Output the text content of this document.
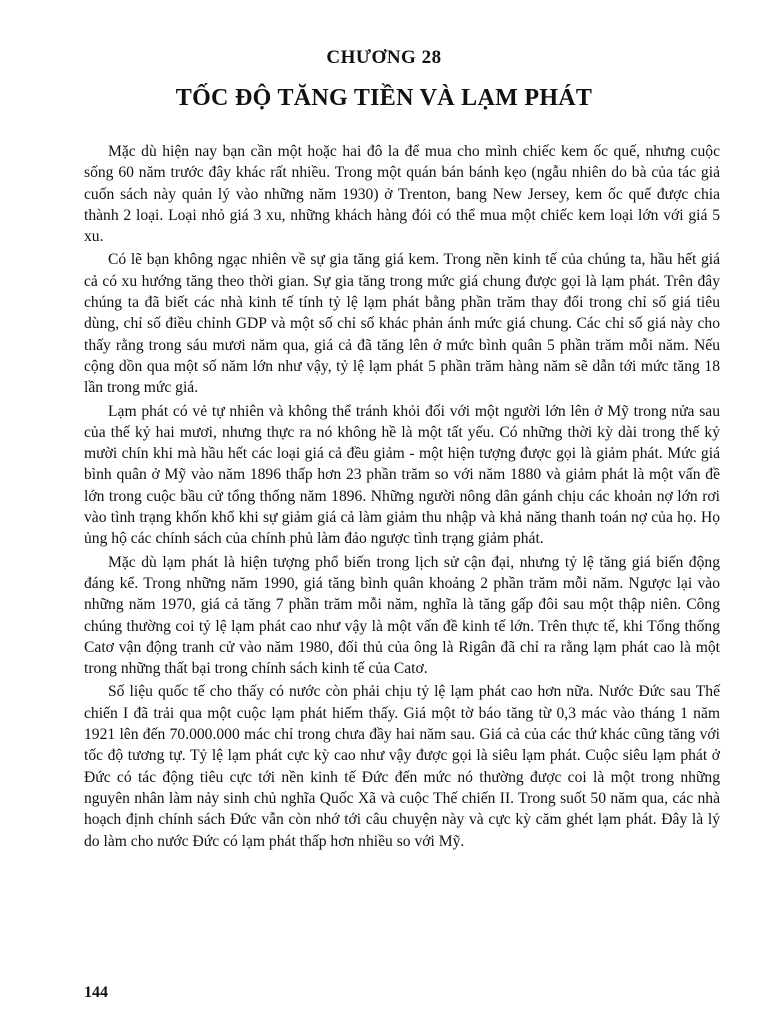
CHƯƠNG 28
TỐC ĐỘ TĂNG TIỀN VÀ LẠM PHÁT

Mặc dù hiện nay bạn cần một hoặc hai đô la để mua cho mình chiếc kem ốc quế, nhưng cuộc sống 60 năm trước đây khác rất nhiều. Trong một quán bán bánh kẹo (ngẫu nhiên do bà của tác giả cuốn sách này quản lý vào những năm 1930) ở Trenton, bang New Jersey, kem ốc quế được chia thành 2 loại. Loại nhỏ giá 3 xu, những khách hàng đói có thể mua một chiếc kem loại lớn với giá 5 xu.

Có lẽ bạn không ngạc nhiên về sự gia tăng giá kem. Trong nền kinh tế của chúng ta, hầu hết giá cả có xu hướng tăng theo thời gian. Sự gia tăng trong mức giá chung được gọi là lạm phát. Trên đây chúng ta đã biết các nhà kinh tế tính tỷ lệ lạm phát bằng phần trăm thay đổi trong chỉ số giá tiêu dùng, chỉ số điều chỉnh GDP và một số chỉ số khác phản ánh mức giá chung. Các chỉ số giá này cho thấy rằng trong sáu mươi năm qua, giá cả đã tăng lên ở mức bình quân 5 phần trăm mỗi năm. Nếu cộng dồn qua một số năm lớn như vậy, tỷ lệ lạm phát 5 phần trăm hàng năm sẽ dẫn tới mức tăng 18 lần trong mức giá.

Lạm phát có vẻ tự nhiên và không thể tránh khỏi đối với một người lớn lên ở Mỹ trong nửa sau của thế kỷ hai mươi, nhưng thực ra nó không hề là một tất yếu. Có những thời kỳ dài trong thế kỷ mười chín khi mà hầu hết các loại giá cả đều giảm - một hiện tượng được gọi là giảm phát. Mức giá bình quân ở Mỹ vào năm 1896 thấp hơn 23 phần trăm so với năm 1880 và giảm phát là một vấn đề lớn trong cuộc bầu cử tổng thống năm 1896. Những người nông dân gánh chịu các khoản nợ lớn rơi vào tình trạng khốn khổ khi sự giảm giá cả làm giảm thu nhập và khả năng thanh toán nợ của họ. Họ ủng hộ các chính sách của chính phủ làm đảo ngược tình trạng giảm phát.

Mặc dù lạm phát là hiện tượng phổ biến trong lịch sử cận đại, nhưng tỷ lệ tăng giá biến động đáng kể. Trong những năm 1990, giá tăng bình quân khoảng 2 phần trăm mỗi năm. Ngược lại vào những năm 1970, giá cả tăng 7 phần trăm mỗi năm, nghĩa là tăng gấp đôi sau một thập niên. Công chúng thường coi tỷ lệ lạm phát cao như vậy là một vấn đề kinh tế lớn. Trên thực tế, khi Tổng thống Catơ vận động tranh cử vào năm 1980, đối thủ của ông là Rigân đã chỉ ra rằng lạm phát cao là một trong những thất bại trong chính sách kinh tế của Catơ.

Số liệu quốc tế cho thấy có nước còn phải chịu tỷ lệ lạm phát cao hơn nữa. Nước Đức sau Thế chiến I đã trải qua một cuộc lạm phát hiếm thấy. Giá một tờ báo tăng từ 0,3 mác vào tháng 1 năm 1921 lên đến 70.000.000 mác chỉ trong chưa đầy hai năm sau. Giá cả của các thứ khác cũng tăng với tốc độ tương tự. Tỷ lệ lạm phát cực kỳ cao như vậy được gọi là siêu lạm phát. Cuộc siêu lạm phát ở Đức có tác động tiêu cực tới nền kinh tế Đức đến mức nó thường được coi là một trong những nguyên nhân làm nảy sinh chủ nghĩa Quốc Xã và cuộc Thế chiến II. Trong suốt 50 năm qua, các nhà hoạch định chính sách Đức vẫn còn nhớ tới câu chuyện này và cực kỳ căm ghét lạm phát. Đây là lý do làm cho nước Đức có lạm phát thấp hơn nhiều so với Mỹ.

144
